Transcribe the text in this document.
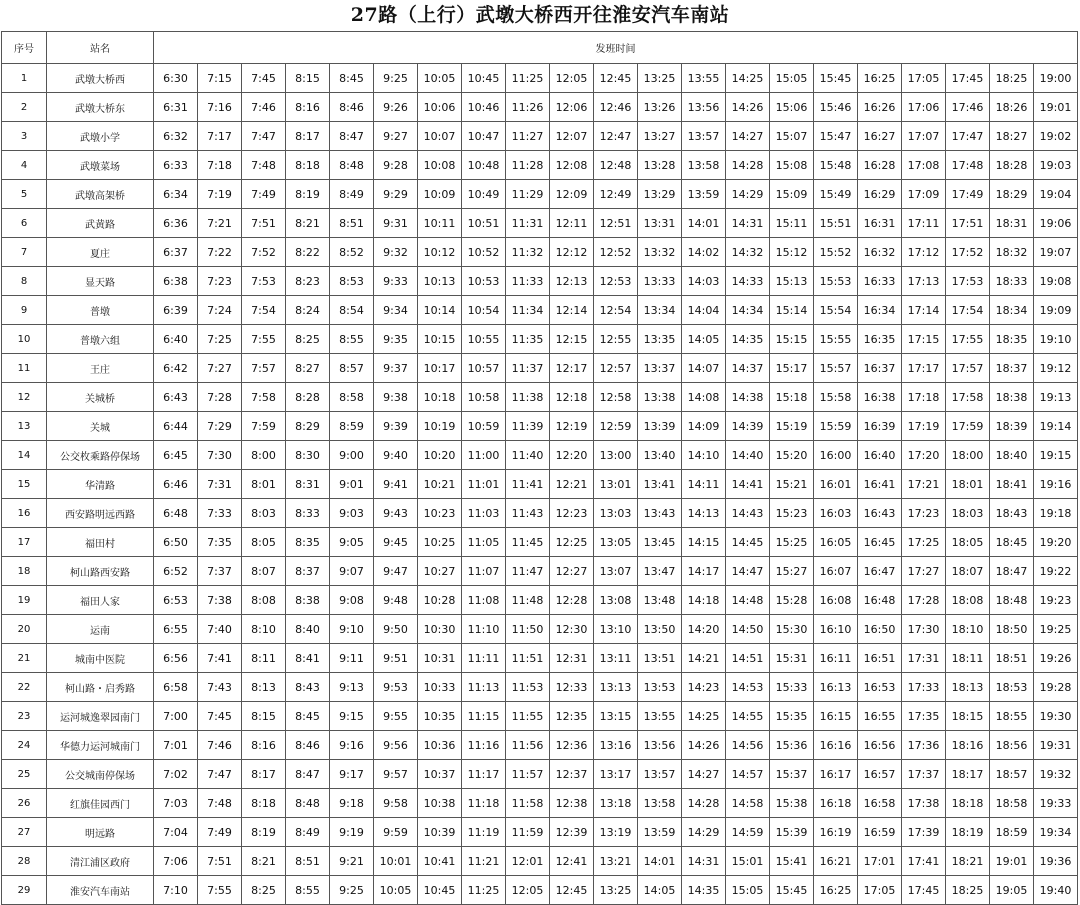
27路（上行）武墩大桥西开往淮安汽车南站
序号	站名	发班时间																				
1	武墩大桥西	6:30	7:15	7:45	8:15	8:45	9:25	10:05	10:45	11:25	12:05	12:45	13:25	13:55	14:25	15:05	15:45	16:25	17:05	17:45	18:25	19:00
2	武墩大桥东	6:31	7:16	7:46	8:16	8:46	9:26	10:06	10:46	11:26	12:06	12:46	13:26	13:56	14:26	15:06	15:46	16:26	17:06	17:46	18:26	19:01
3	武墩小学	6:32	7:17	7:47	8:17	8:47	9:27	10:07	10:47	11:27	12:07	12:47	13:27	13:57	14:27	15:07	15:47	16:27	17:07	17:47	18:27	19:02
4	武墩菜场	6:33	7:18	7:48	8:18	8:48	9:28	10:08	10:48	11:28	12:08	12:48	13:28	13:58	14:28	15:08	15:48	16:28	17:08	17:48	18:28	19:03
5	武墩高架桥	6:34	7:19	7:49	8:19	8:49	9:29	10:09	10:49	11:29	12:09	12:49	13:29	13:59	14:29	15:09	15:49	16:29	17:09	17:49	18:29	19:04
6	武黄路	6:36	7:21	7:51	8:21	8:51	9:31	10:11	10:51	11:31	12:11	12:51	13:31	14:01	14:31	15:11	15:51	16:31	17:11	17:51	18:31	19:06
7	夏庄	6:37	7:22	7:52	8:22	8:52	9:32	10:12	10:52	11:32	12:12	12:52	13:32	14:02	14:32	15:12	15:52	16:32	17:12	17:52	18:32	19:07
8	显天路	6:38	7:23	7:53	8:23	8:53	9:33	10:13	10:53	11:33	12:13	12:53	13:33	14:03	14:33	15:13	15:53	16:33	17:13	17:53	18:33	19:08
9	普墩	6:39	7:24	7:54	8:24	8:54	9:34	10:14	10:54	11:34	12:14	12:54	13:34	14:04	14:34	15:14	15:54	16:34	17:14	17:54	18:34	19:09
10	普墩六组	6:40	7:25	7:55	8:25	8:55	9:35	10:15	10:55	11:35	12:15	12:55	13:35	14:05	14:35	15:15	15:55	16:35	17:15	17:55	18:35	19:10
11	王庄	6:42	7:27	7:57	8:27	8:57	9:37	10:17	10:57	11:37	12:17	12:57	13:37	14:07	14:37	15:17	15:57	16:37	17:17	17:57	18:37	19:12
12	关城桥	6:43	7:28	7:58	8:28	8:58	9:38	10:18	10:58	11:38	12:18	12:58	13:38	14:08	14:38	15:18	15:58	16:38	17:18	17:58	18:38	19:13
13	关城	6:44	7:29	7:59	8:29	8:59	9:39	10:19	10:59	11:39	12:19	12:59	13:39	14:09	14:39	15:19	15:59	16:39	17:19	17:59	18:39	19:14
14	公交枚乘路停保场	6:45	7:30	8:00	8:30	9:00	9:40	10:20	11:00	11:40	12:20	13:00	13:40	14:10	14:40	15:20	16:00	16:40	17:20	18:00	18:40	19:15
15	华清路	6:46	7:31	8:01	8:31	9:01	9:41	10:21	11:01	11:41	12:21	13:01	13:41	14:11	14:41	15:21	16:01	16:41	17:21	18:01	18:41	19:16
16	西安路明远西路	6:48	7:33	8:03	8:33	9:03	9:43	10:23	11:03	11:43	12:23	13:03	13:43	14:13	14:43	15:23	16:03	16:43	17:23	18:03	18:43	19:18
17	福田村	6:50	7:35	8:05	8:35	9:05	9:45	10:25	11:05	11:45	12:25	13:05	13:45	14:15	14:45	15:25	16:05	16:45	17:25	18:05	18:45	19:20
18	柯山路西安路	6:52	7:37	8:07	8:37	9:07	9:47	10:27	11:07	11:47	12:27	13:07	13:47	14:17	14:47	15:27	16:07	16:47	17:27	18:07	18:47	19:22
19	福田人家	6:53	7:38	8:08	8:38	9:08	9:48	10:28	11:08	11:48	12:28	13:08	13:48	14:18	14:48	15:28	16:08	16:48	17:28	18:08	18:48	19:23
20	运南	6:55	7:40	8:10	8:40	9:10	9:50	10:30	11:10	11:50	12:30	13:10	13:50	14:20	14:50	15:30	16:10	16:50	17:30	18:10	18:50	19:25
21	城南中医院	6:56	7:41	8:11	8:41	9:11	9:51	10:31	11:11	11:51	12:31	13:11	13:51	14:21	14:51	15:31	16:11	16:51	17:31	18:11	18:51	19:26
22	柯山路・启秀路	6:58	7:43	8:13	8:43	9:13	9:53	10:33	11:13	11:53	12:33	13:13	13:53	14:23	14:53	15:33	16:13	16:53	17:33	18:13	18:53	19:28
23	运河城逸翠园南门	7:00	7:45	8:15	8:45	9:15	9:55	10:35	11:15	11:55	12:35	13:15	13:55	14:25	14:55	15:35	16:15	16:55	17:35	18:15	18:55	19:30
24	华德力运河城南门	7:01	7:46	8:16	8:46	9:16	9:56	10:36	11:16	11:56	12:36	13:16	13:56	14:26	14:56	15:36	16:16	16:56	17:36	18:16	18:56	19:31
25	公交城南停保场	7:02	7:47	8:17	8:47	9:17	9:57	10:37	11:17	11:57	12:37	13:17	13:57	14:27	14:57	15:37	16:17	16:57	17:37	18:17	18:57	19:32
26	红旗佳园西门	7:03	7:48	8:18	8:48	9:18	9:58	10:38	11:18	11:58	12:38	13:18	13:58	14:28	14:58	15:38	16:18	16:58	17:38	18:18	18:58	19:33
27	明远路	7:04	7:49	8:19	8:49	9:19	9:59	10:39	11:19	11:59	12:39	13:19	13:59	14:29	14:59	15:39	16:19	16:59	17:39	18:19	18:59	19:34
28	清江浦区政府	7:06	7:51	8:21	8:51	9:21	10:01	10:41	11:21	12:01	12:41	13:21	14:01	14:31	15:01	15:41	16:21	17:01	17:41	18:21	19:01	19:36
29	淮安汽车南站	7:10	7:55	8:25	8:55	9:25	10:05	10:45	11:25	12:05	12:45	13:25	14:05	14:35	15:05	15:45	16:25	17:05	17:45	18:25	19:05	19:40
